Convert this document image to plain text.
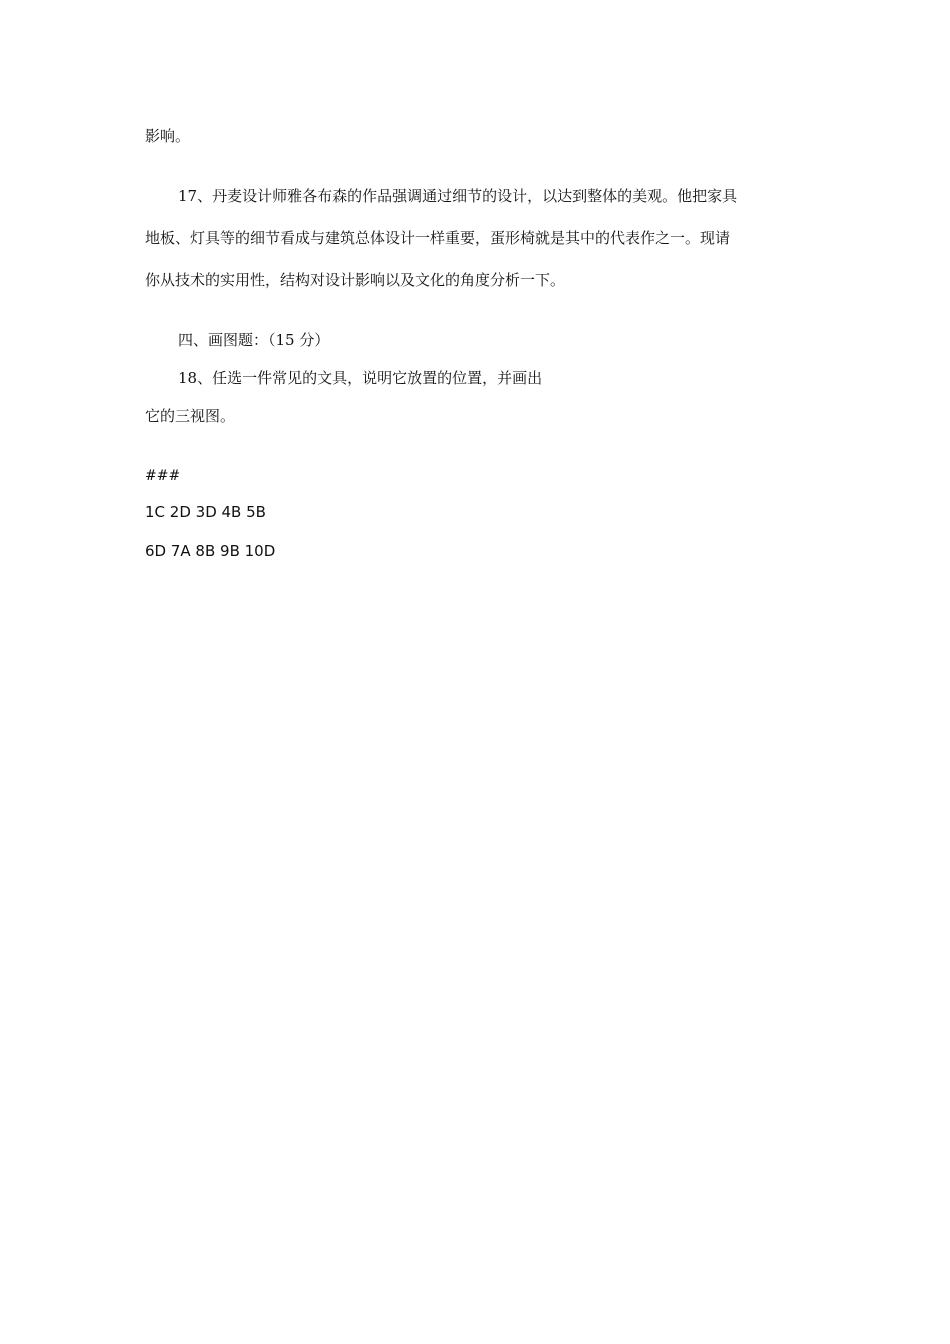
影响。
17、丹麦设计师雅各布森的作品强调通过细节的设计，以达到整体的美观。他把家具
地板、灯具等的细节看成与建筑总体设计一样重要，蛋形椅就是其中的代表作之一。现请
你从技术的实用性，结构对设计影响以及文化的角度分析一下。
四、画图题：（15 分）
18、任选一件常见的文具，说明它放置的位置，并画出
它的三视图。
###
1C 2D 3D 4B 5B
6D 7A 8B 9B 10D
